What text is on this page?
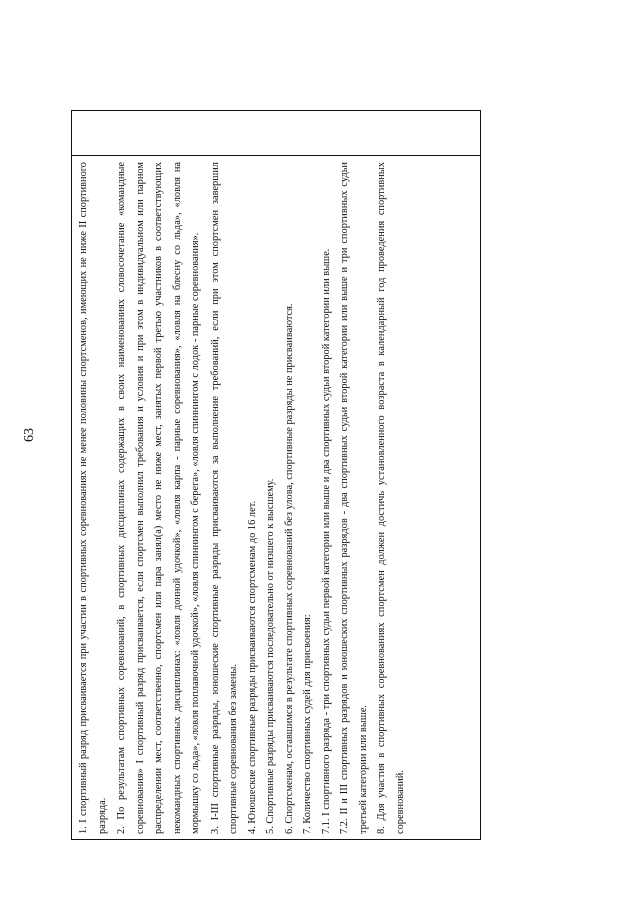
63	1. I спортивный разряд присваивается при участии в спортивных соревнованиях не менее половины спортсменов, имеющих не ниже II спортивного разряда. 2. По результатам спортивных соревнований, в спортивных дисциплинах содержащих в своих наименованиях словосочетание «командные соревнования» I спортивный разряд присваивается, если спортсмен выполнил требования и условия и при этом в индивидуальном или парном распределении мест, соответственно, спортсмен или пара занял(а) место не ниже мест, занятых первой третью участников в соответствующих некомандных спортивных дисциплинах: «ловля донной удочкой», «ловля карпа - парные соревнования», «ловля на блесну со льда», «ловля на мормышку со льда», «ловля поплавочной удочкой», «ловля спиннингом с берега», «ловля спиннингом с лодок - парные соревнования». 3. I-III спортивные разряды, юношеские спортивные разряды присваиваются за выполнение требований, если при этом спортсмен завершил спортивные соревнования без замены. 4. Юношеские спортивные разряды присваиваются спортсменам до 16 лет. 5. Спортивные разряды присваиваются последовательно от низшего к высшему. 6. Спортсменам, оставшимся в результате спортивных соревнований без улова, спортивные разряды не присваиваются. 7. Количество спортивных судей для присвоения: 7.1. I спортивного разряда - три спортивных судьи первой категории или выше и два спортивных судьи второй категории или выше. 7.2. II и III спортивных разрядов и юношеских спортивных разрядов - два спортивных судьи второй категории или выше и три спортивных судьи третьей категории или выше. 8. Для участия в спортивных соревнованиях спортсмен должен достичь установленного возраста в календарный год проведения спортивных соревнований.
